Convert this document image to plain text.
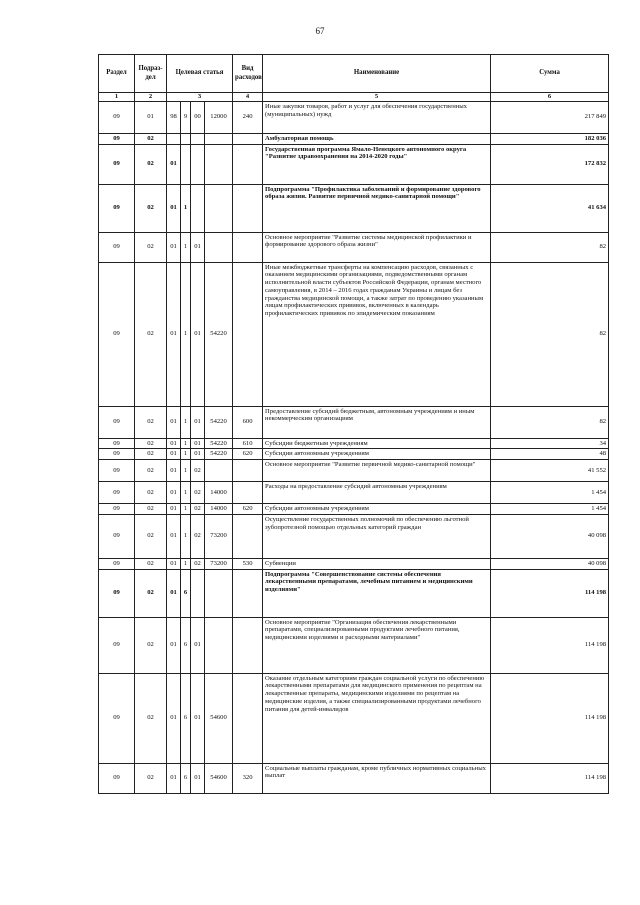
67
Раздел	Подраз-дел	Целевая статья				Вид расходов	Наименование	Сумма
1	2	3				4	5	6
09	01	98	9	00	12000	240	Иные закупки товаров, работ и услуг для обеспечения государственных (муниципальных) нужд	217 849
09	02						Амбулаторная помощь	182 036
09	02	01					Государственная программа Ямало-Ненецкого автономного округа "Развитие здравоохранения на 2014-2020 годы"	172 832
09	02	01	1				Подпрограмма "Профилактика заболеваний и формирование здорового образа жизни. Развитие первичной медико-санитарной помощи"	41 634
09	02	01	1	01			Основное мероприятие "Развитие системы медицинской профилактики и формирование здорового образа жизни"	82
09	02	01	1	01	54220		Иные межбюджетные трансферты на компенсацию расходов, связанных с оказанием медицинскими организациями, подведомственными органам исполнительной власти субъектов Российской Федерации, органам местного самоуправления, в 2014 – 2016 годах гражданам Украины и лицам без гражданства медицинской помощи, а также затрат по проведению указанным лицам профилактических прививок, включенных в календарь профилактических прививок по эпидемическим показаниям	82
09	02	01	1	01	54220	600	Предоставление субсидий бюджетным, автономным учреждениям и иным некоммерческим организациям	82
09	02	01	1	01	54220	610	Субсидии бюджетным учреждениям	34
09	02	01	1	01	54220	620	Субсидии автономным учреждениям	48
09	02	01	1	02			Основное мероприятие "Развитие первичной медико-санитарной помощи"	41 552
09	02	01	1	02	14000		Расходы на предоставление субсидий автономным учреждениям	1 454
09	02	01	1	02	14000	620	Субсидии автономным учреждениям	1 454
09	02	01	1	02	73200		Осуществление государственных полномочий по обеспечению льготной зубопротезной помощью отдельных категорий граждан	40 098
09	02	01	1	02	73200	530	Субвенции	40 098
09	02	01	6				Подпрограмма "Совершенствование системы обеспечения лекарственными препаратами, лечебным питанием и медицинскими изделиями"	114 198
09	02	01	6	01			Основное мероприятие "Организация обеспечения лекарственными препаратами, специализированными продуктами лечебного питания, медицинскими изделиями и расходными материалами"	114 198
09	02	01	6	01	54600		Оказание отдельным категориям граждан социальной услуги по обеспечению лекарственными препаратами для медицинского применения по рецептам на лекарственные препараты, медицинскими изделиями по рецептам на медицинские изделия, а также специализированными продуктами лечебного питания для детей-инвалидов	114 198
09	02	01	6	01	54600	320	Социальные выплаты гражданам, кроме публичных нормативных социальных выплат	114 198
